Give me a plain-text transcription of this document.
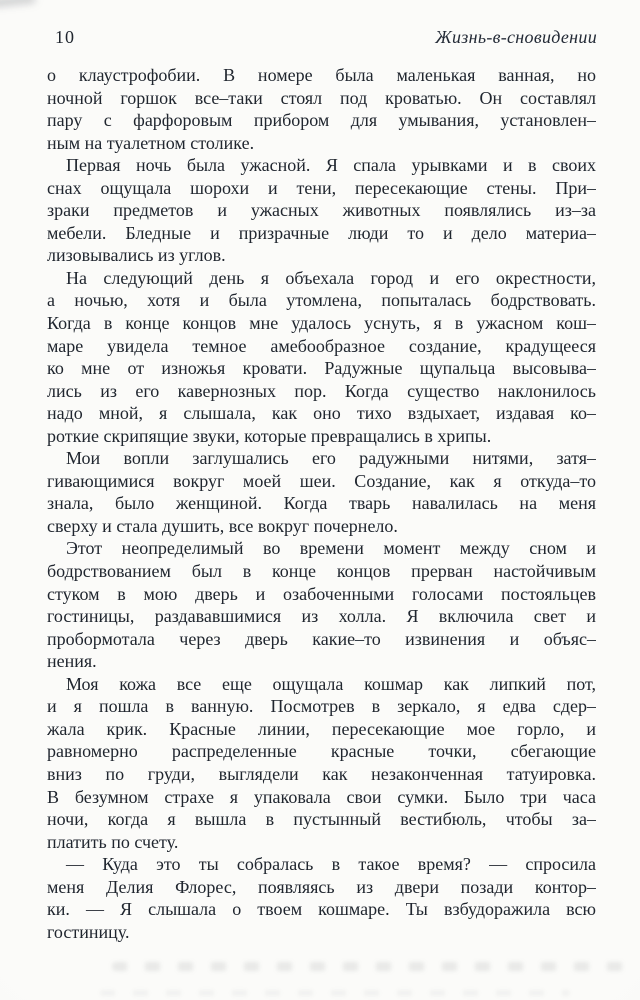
10	Жизнь-в-сновидении
о клаустрофобии. В номере была маленькая ванная, но
ночной горшок все–таки стоял под кроватью. Он составлял
пару с фарфоровым прибором для умывания, установлен–
ным на туалетном столике.
Первая ночь была ужасной. Я спала урывками и в своих
снах ощущала шорохи и тени, пересекающие стены. При–
зраки предметов и ужасных животных появлялись из–за
мебели. Бледные и призрачные люди то и дело материа–
лизовывались из углов.
На следующий день я объехала город и его окрестности,
а ночью, хотя и была утомлена, попыталась бодрствовать.
Когда в конце концов мне удалось уснуть, я в ужасном кош–
маре увидела темное амебообразное создание, крадущееся
ко мне от изножья кровати. Радужные щупальца высовыва–
лись из его кавернозных пор. Когда существо наклонилось
надо мной, я слышала, как оно тихо вздыхает, издавая ко–
роткие скрипящие звуки, которые превращались в хрипы.
Мои вопли заглушались его радужными нитями, затя–
гивающимися вокруг моей шеи. Создание, как я откуда–то
знала, было женщиной. Когда тварь навалилась на меня
сверху и стала душить, все вокруг почернело.
Этот неопределимый во времени момент между сном и
бодрствованием был в конце концов прерван настойчивым
стуком в мою дверь и озабоченными голосами постояльцев
гостиницы, раздававшимися из холла. Я включила свет и
пробормотала через дверь какие–то извинения и объяс–
нения.
Моя кожа все еще ощущала кошмар как липкий пот,
и я пошла в ванную. Посмотрев в зеркало, я едва сдер–
жала крик. Красные линии, пересекающие мое горло, и
равномерно распределенные красные точки, сбегающие
вниз по груди, выглядели как незаконченная татуировка.
В безумном страхе я упаковала свои сумки. Было три часа
ночи, когда я вышла в пустынный вестибюль, чтобы за–
платить по счету.
— Куда это ты собралась в такое время? — спросила
меня Делия Флорес, появляясь из двери позади контор–
ки. — Я слышала о твоем кошмаре. Ты взбудоражила всю
гостиницу.
